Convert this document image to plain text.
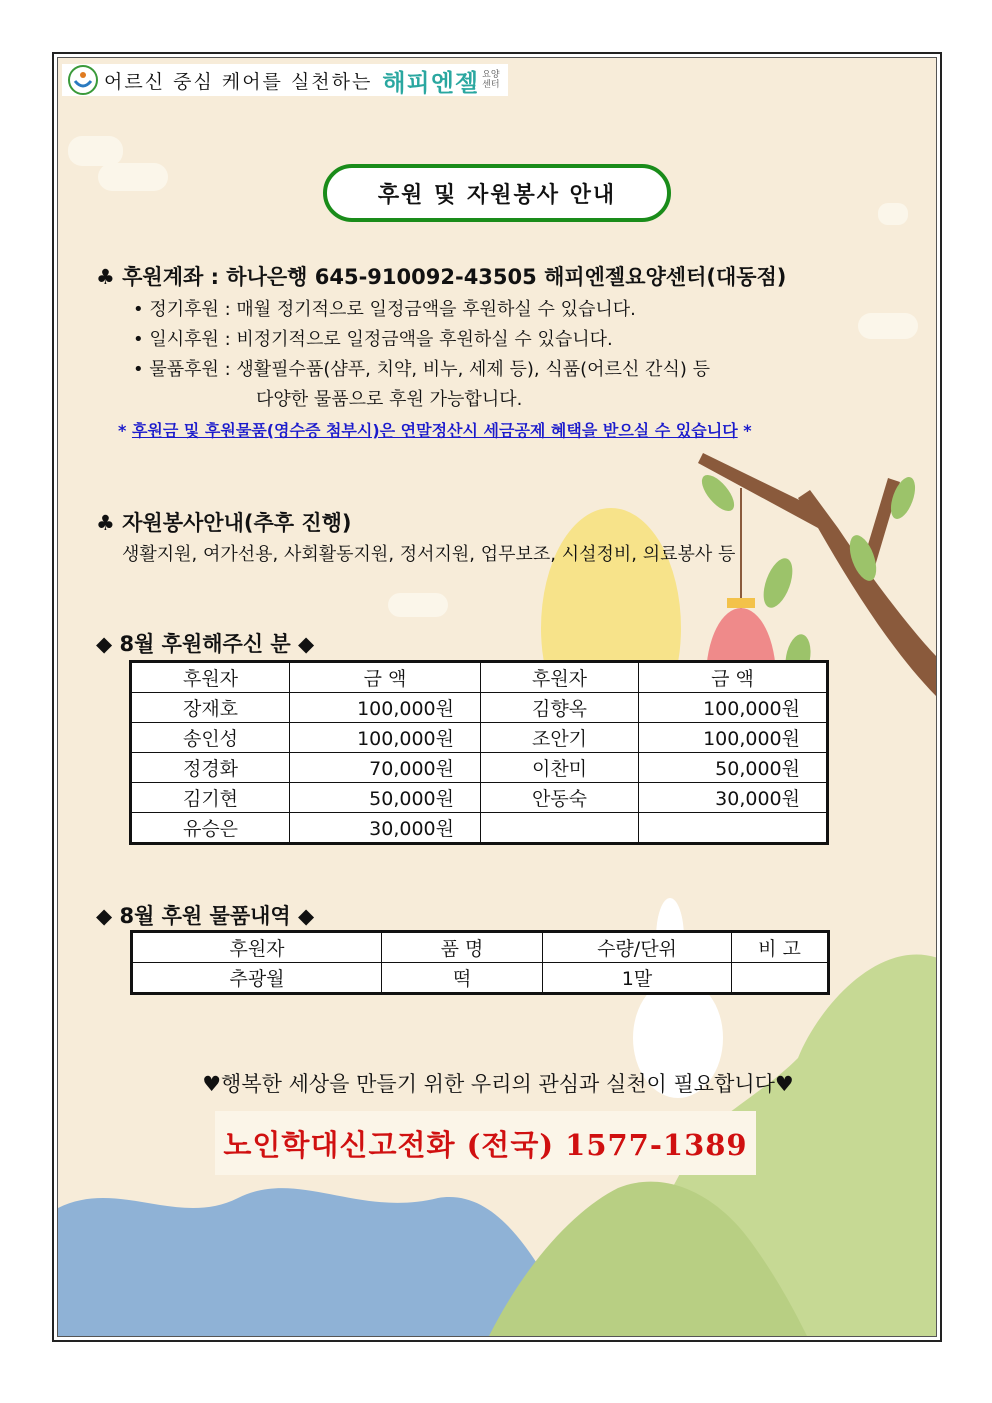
어르신 중심 케어를 실천하는 해피엔젤 요양
센터
후원 및 자원봉사 안내
♣ 후원계좌 : 하나은행 645-910092-43505 해피엔젤요양센터(대동점)
• 정기후원 : 매월 정기적으로 일정금액을 후원하실 수 있습니다.
• 일시후원 : 비정기적으로 일정금액을 후원하실 수 있습니다.
• 물품후원 : 생활필수품(샴푸, 치약, 비누, 세제 등), 식품(어르신 간식) 등
다양한 물품으로 후원 가능합니다.
* 후원금 및 후원물품(영수증 첨부시)은 연말정산시 세금공제 혜택을 받으실 수 있습니다 *
♣ 자원봉사안내(추후 진행)
생활지원, 여가선용, 사회활동지원, 정서지원, 업무보조, 시설정비, 의료봉사 등
◆ 8월 후원해주신 분 ◆
후원자	금 액	후원자	금 액
장재호	100,000원	김향옥	100,000원
송인성	100,000원	조안기	100,000원
정경화	70,000원	이찬미	50,000원
김기현	50,000원	안동숙	30,000원
유승은	30,000원		
◆ 8월 후원 물품내역 ◆
후원자	품 명	수량/단위	비 고
추광월	떡	1말	
♥행복한 세상을 만들기 위한 우리의 관심과 실천이 필요합니다♥
노인학대신고전화 (전국) 1577-1389
